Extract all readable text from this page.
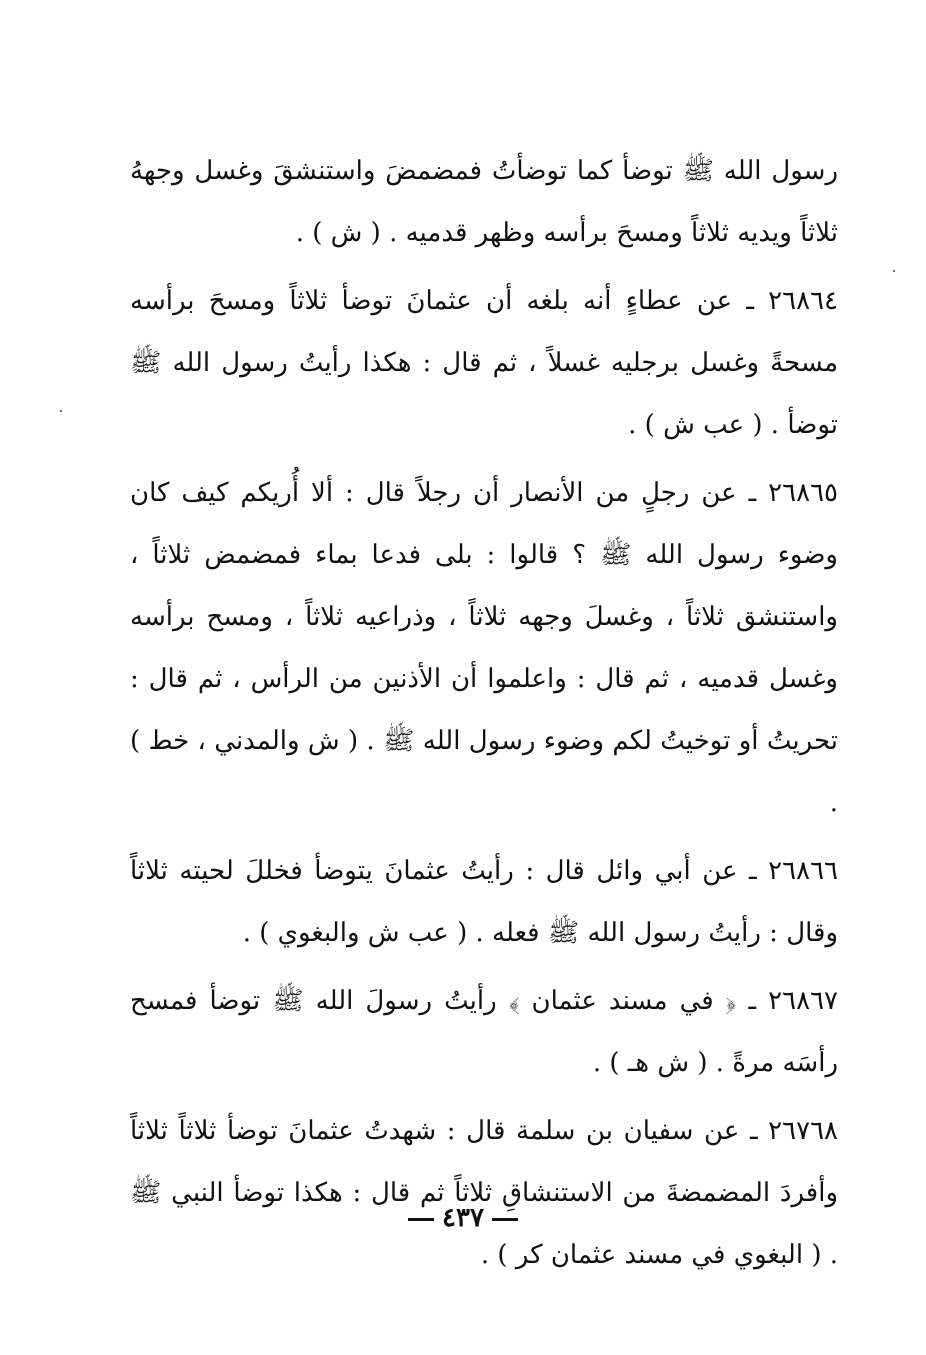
رسول الله ﷺ توضأ كما توضأتُ فمضمضَ واستنشقَ وغسل وجههُ ثلاثاً ويديه ثلاثاً ومسحَ برأسه وظهر قدميه . ( ش ) .

٢٦٨٦٤ ـ عن عطاءٍ أنه بلغه أن عثمانَ توضأ ثلاثاً ومسحَ برأسه مسحةً وغسل برجليه غسلاً ، ثم قال : هكذا رأيتُ رسول الله ﷺ توضأ . ( عب ش ) .

٢٦٨٦٥ ـ عن رجلٍ من الأنصار أن رجلاً قال : ألا أُريكم كيف كان وضوء رسول الله ﷺ ؟ قالوا : بلى فدعا بماء فمضمض ثلاثاً ، واستنشق ثلاثاً ، وغسلَ وجهه ثلاثاً ، وذراعيه ثلاثاً ، ومسح برأسه وغسل قدميه ، ثم قال : واعلموا أن الأذنين من الرأس ، ثم قال : تحريتُ أو توخيتُ لكم وضوء رسول الله ﷺ . ( ش والمدني ، خط ) .

٢٦٨٦٦ ـ عن أبي وائل قال : رأيتُ عثمانَ يتوضأ فخللَ لحيته ثلاثاً وقال : رأيتُ رسول الله ﷺ فعله . ( عب ش والبغوي ) .

٢٦٨٦٧ ـ ﴿ في مسند عثمان ﴾ رأيتُ رسولَ الله ﷺ توضأ فمسح رأسَه مرةً . ( ش هـ ) .

٢٦٧٦٨ ـ عن سفيان بن سلمة قال : شهدتُ عثمانَ توضأ ثلاثاً ثلاثاً وأفردَ المضمضةَ من الاستنشاقِ ثلاثاً ثم قال : هكذا توضأ النبي ﷺ . ( البغوي في مسند عثمان كر ) .

٤٣٧
